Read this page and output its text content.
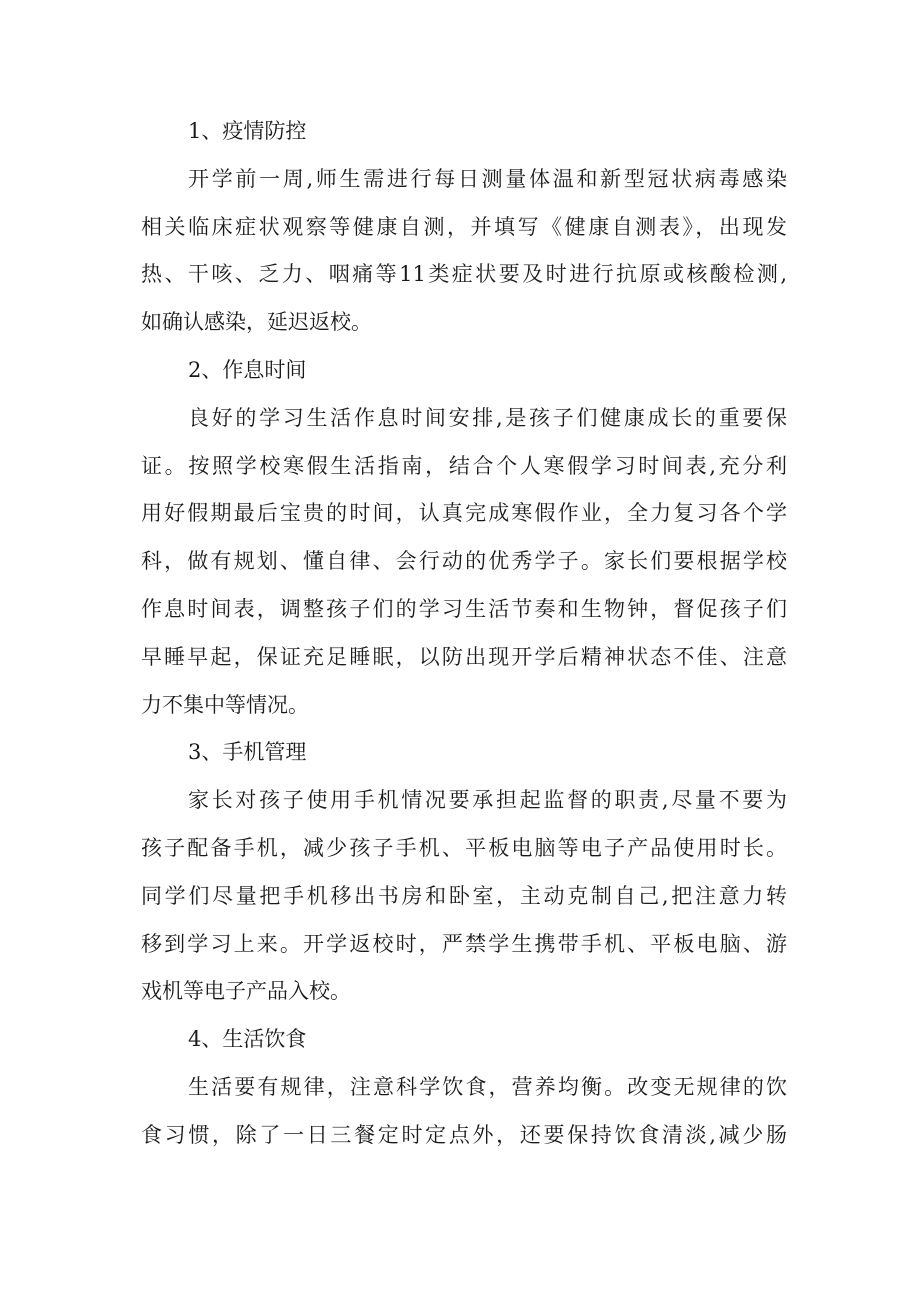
1、疫情防控
开学前一周,师生需进行每日测量体温和新型冠状病毒感染
相关临床症状观察等健康自测，并填写《健康自测表》，出现发
热、干咳、乏力、咽痛等11类症状要及时进行抗原或核酸检测,
如确认感染，延迟返校。
2、作息时间
良好的学习生活作息时间安排,是孩子们健康成长的重要保
证。按照学校寒假生活指南，结合个人寒假学习时间表,充分利
用好假期最后宝贵的时间，认真完成寒假作业，全力复习各个学
科，做有规划、懂自律、会行动的优秀学子。家长们要根据学校
作息时间表，调整孩子们的学习生活节奏和生物钟，督促孩子们
早睡早起，保证充足睡眠，以防出现开学后精神状态不佳、注意
力不集中等情况。
3、手机管理
家长对孩子使用手机情况要承担起监督的职责,尽量不要为
孩子配备手机，减少孩子手机、平板电脑等电子产品使用时长。
同学们尽量把手机移出书房和卧室，主动克制自己,把注意力转
移到学习上来。开学返校时，严禁学生携带手机、平板电脑、游
戏机等电子产品入校。
4、生活饮食
生活要有规律，注意科学饮食，营养均衡。改变无规律的饮
食习惯，除了一日三餐定时定点外，还要保持饮食清淡,减少肠
